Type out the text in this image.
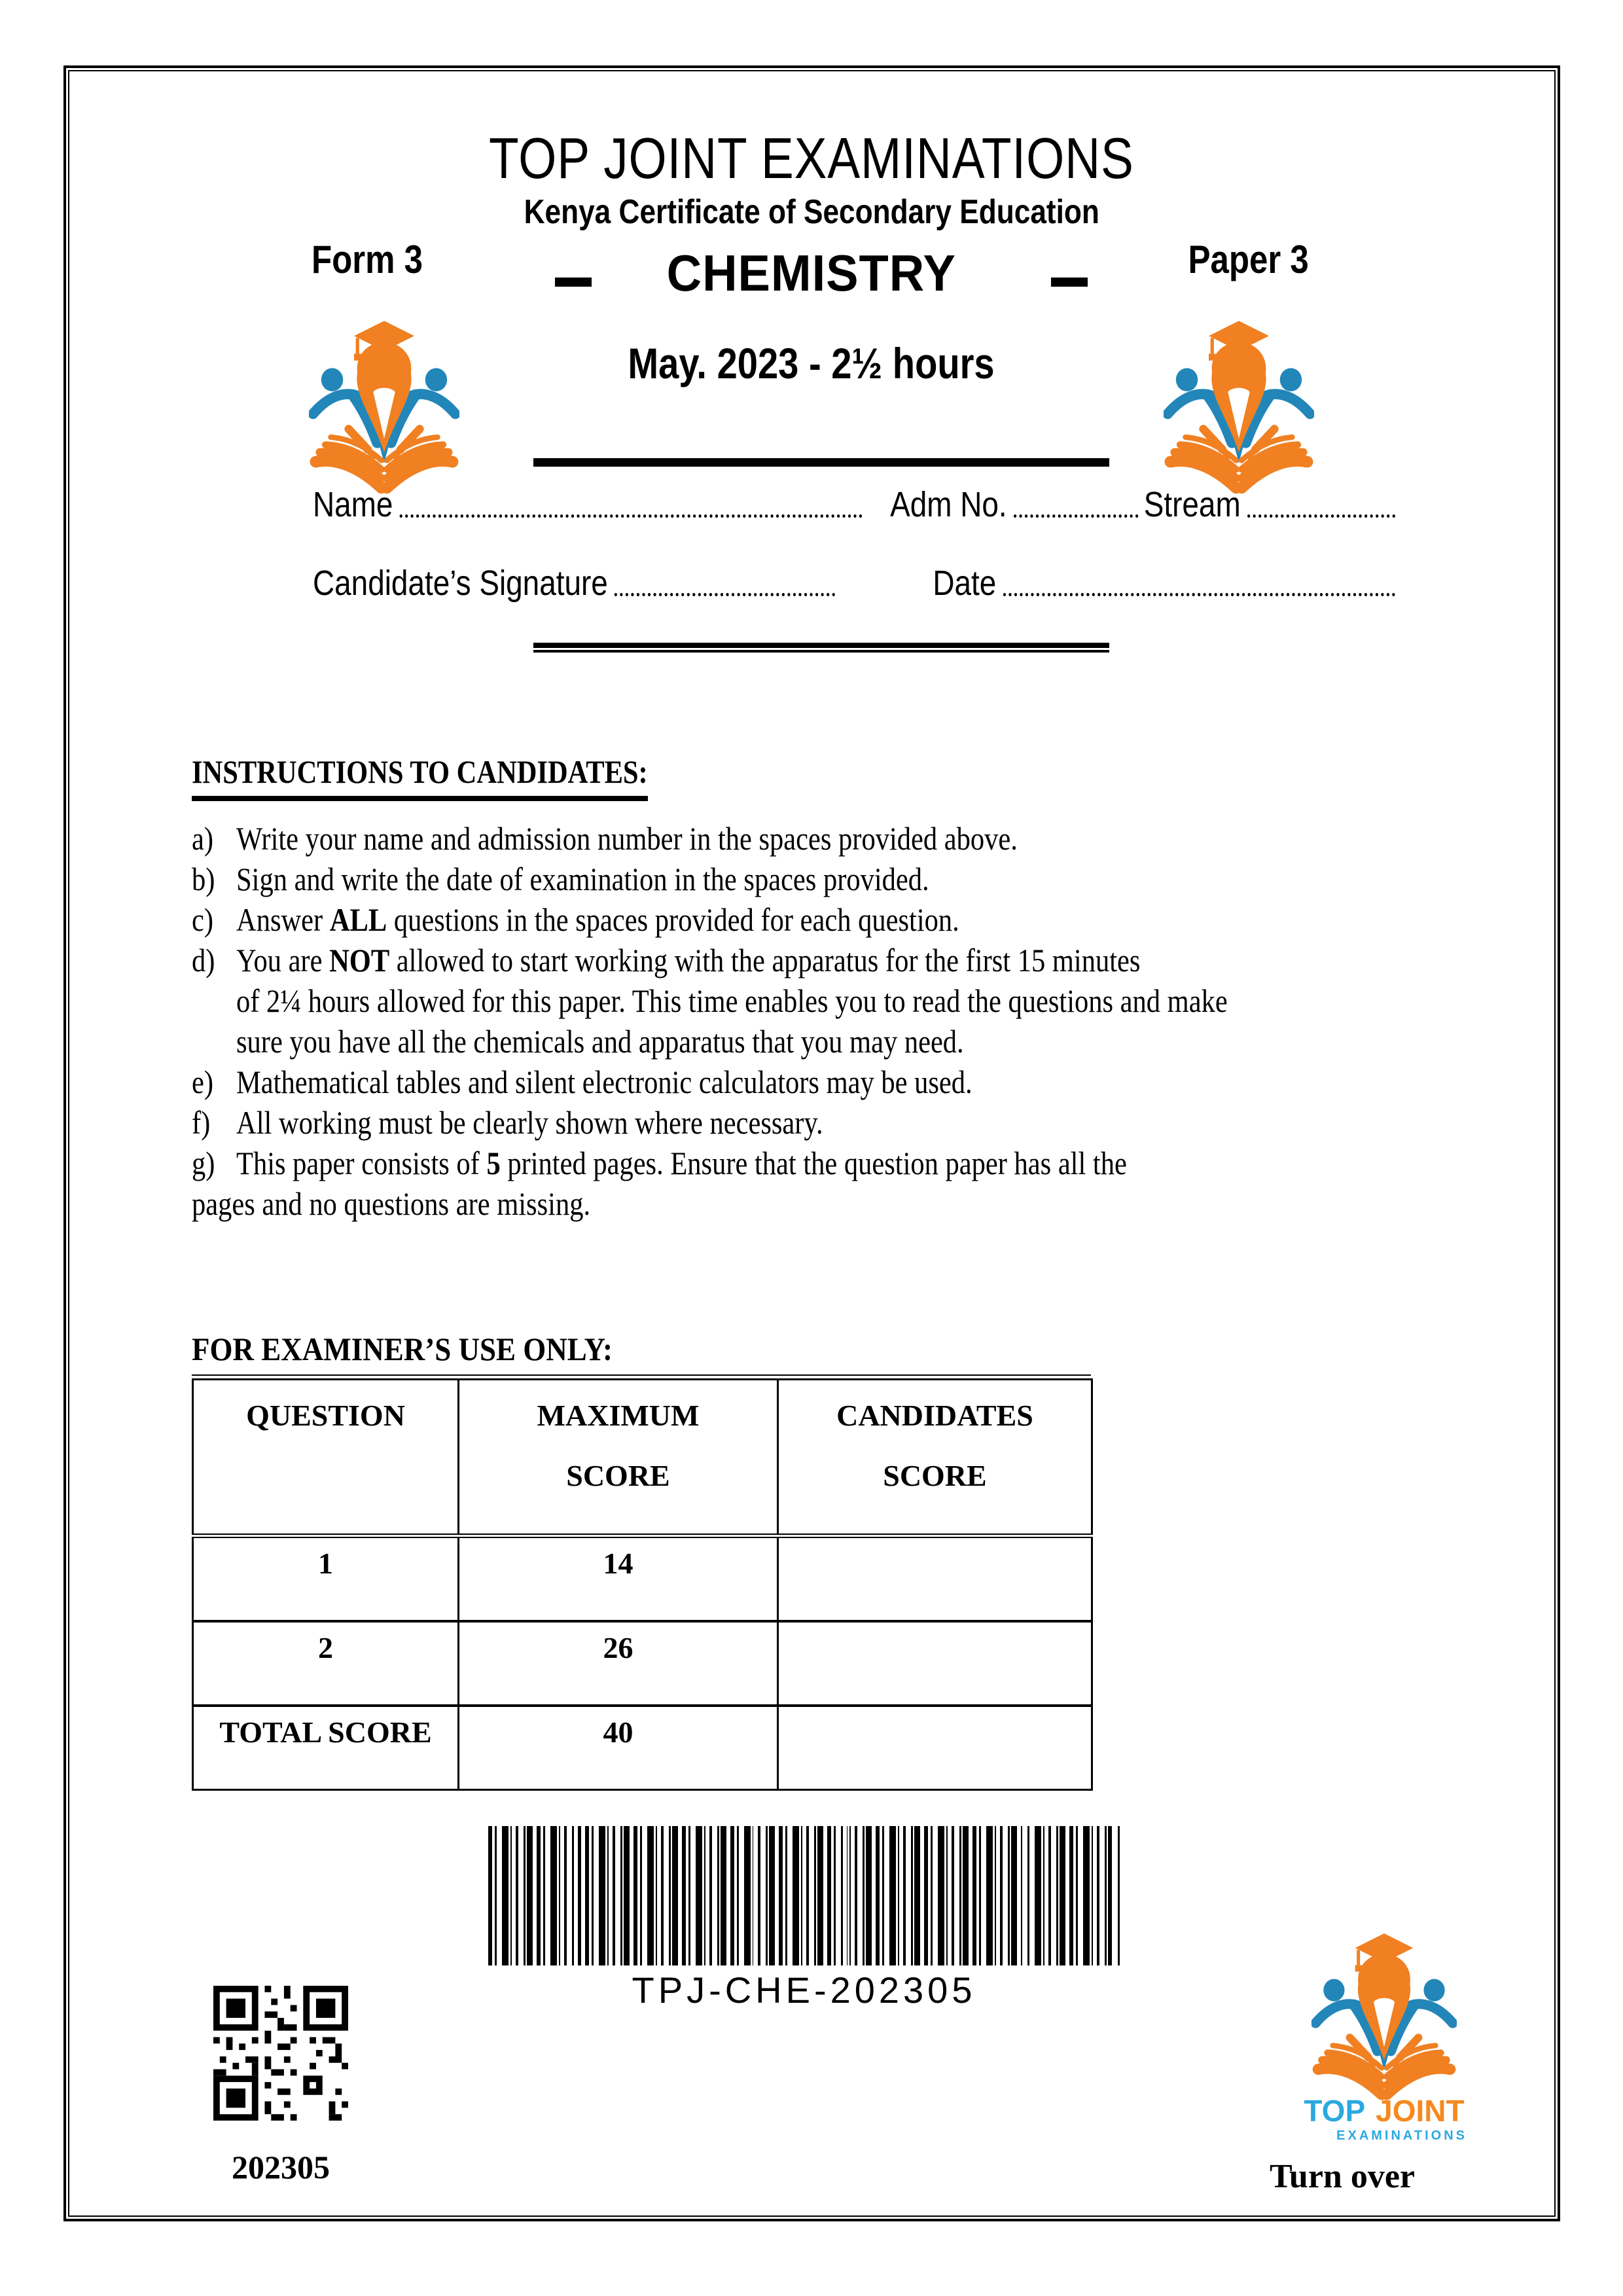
TOP JOINT EXAMINATIONS
Kenya Certificate of Secondary Education
Form 3	CHEMISTRY	Paper 3
May. 2023 - 2½ hours
Name	Adm No.	Stream
Candidate’s Signature	Date
INSTRUCTIONS TO CANDIDATES:
a) Write your name and admission number in the spaces provided above.
b) Sign and write the date of examination in the spaces provided.
c) Answer ALL questions in the spaces provided for each question.
d) You are NOT allowed to start working with the apparatus for the first 15 minutes
of 2¼ hours allowed for this paper. This time enables you to read the questions and make
sure you have all the chemicals and apparatus that you may need.
e) Mathematical tables and silent electronic calculators may be used.
f) All working must be clearly shown where necessary.
g) This paper consists of 5 printed pages. Ensure that the question paper has all the
pages and no questions are missing.
FOR EXAMINER’S USE ONLY:
QUESTION	MAXIMUM SCORE	CANDIDATES SCORE
1	14	
2	26	
TOTAL SCORE	40	
TPJ-CHE-202305
202305
TOP JOINT
EXAMINATIONS
Turn over
